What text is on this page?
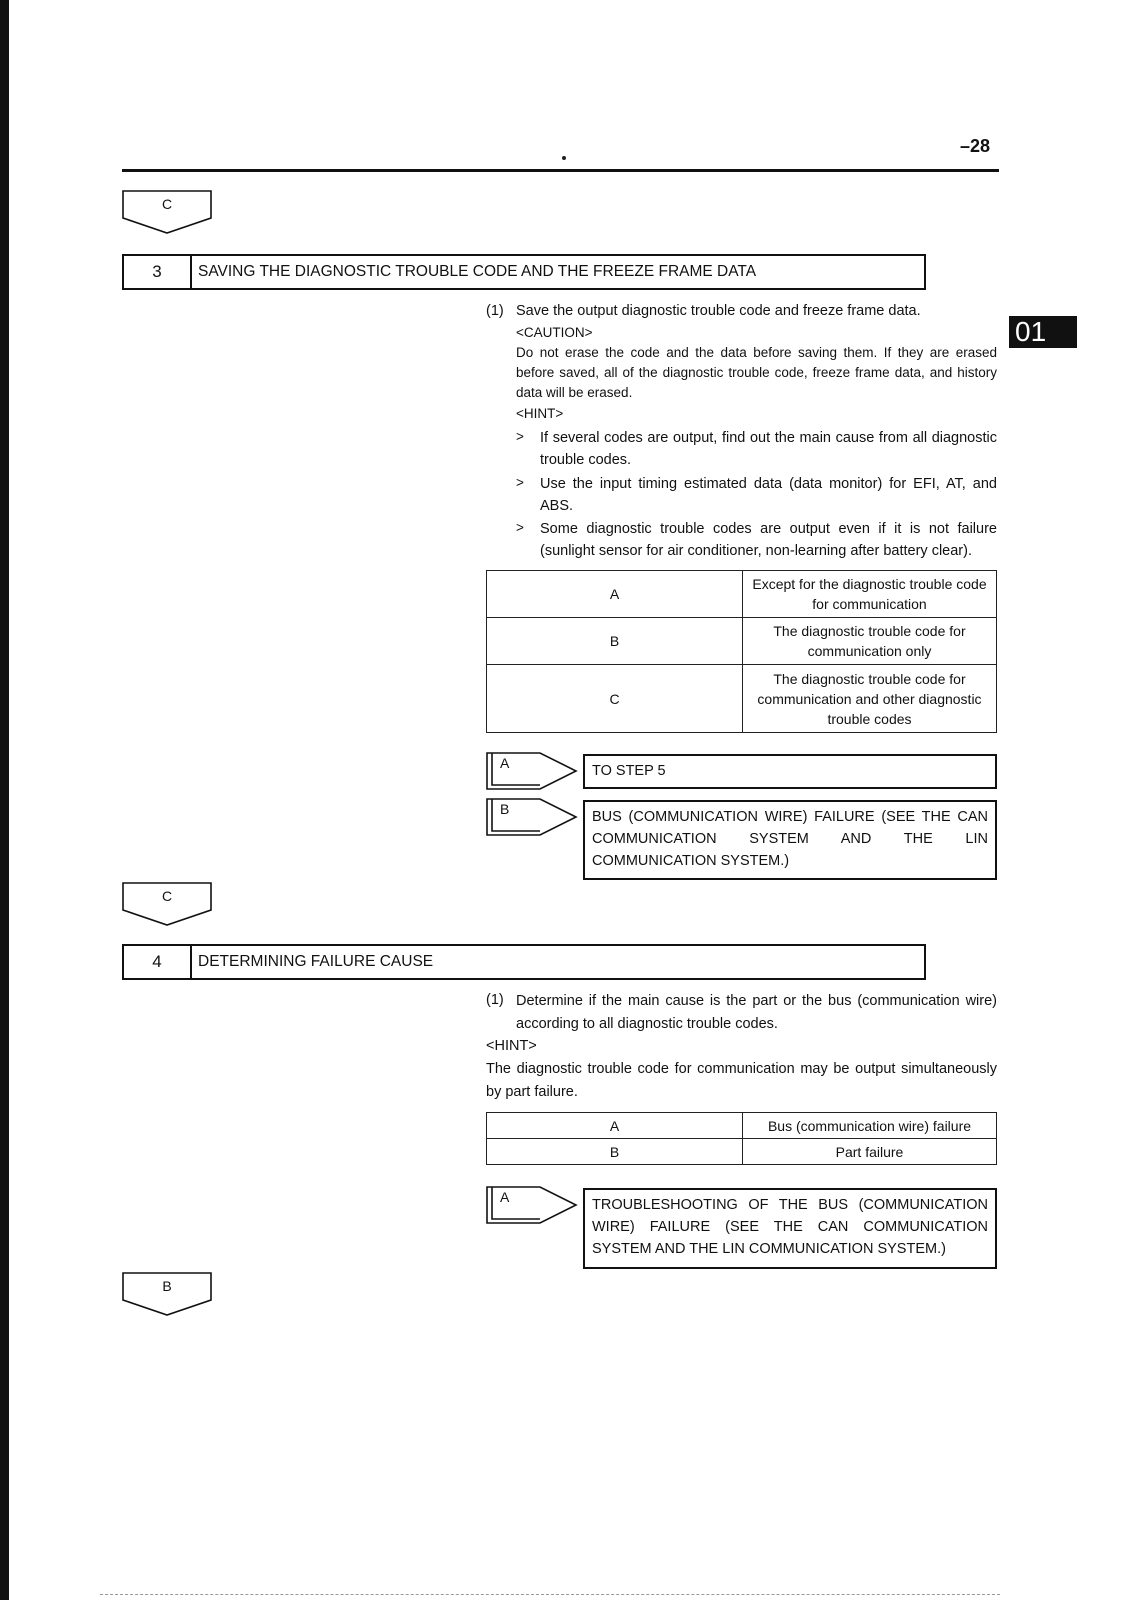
–28
01
C
3	SAVING THE DIAGNOSTIC TROUBLE CODE AND THE FREEZE FRAME DATA
(1) Save the output diagnostic trouble code and freeze frame data.
<CAUTION>
Do not erase the code and the data before saving them. If they are erased before saved, all of the diagnostic trouble code, freeze frame data, and history data will be erased.
<HINT>
> If several codes are output, find out the main cause from all diagnostic trouble codes.
> Use the input timing estimated data (data monitor) for EFI, AT, and ABS.
> Some diagnostic trouble codes are output even if it is not failure (sunlight sensor for air conditioner, non-learning after battery clear).
A	Except for the diagnostic trouble code for communication
B	The diagnostic trouble code for communication only
C	The diagnostic trouble code for communication and other diagnostic trouble codes
A	TO STEP 5
B	BUS (COMMUNICATION WIRE) FAILURE (SEE THE CAN COMMUNICATION SYSTEM AND THE LIN COMMUNICATION SYSTEM.)
C
4	DETERMINING FAILURE CAUSE
(1) Determine if the main cause is the part or the bus (communication wire) according to all diagnostic trouble codes.
<HINT>
The diagnostic trouble code for communication may be output simultaneously by part failure.
A	Bus (communication wire) failure
B	Part failure
A	TROUBLESHOOTING OF THE BUS (COMMUNICATION WIRE) FAILURE (SEE THE CAN COMMUNICATION SYSTEM AND THE LIN COMMUNICATION SYSTEM.)
B
